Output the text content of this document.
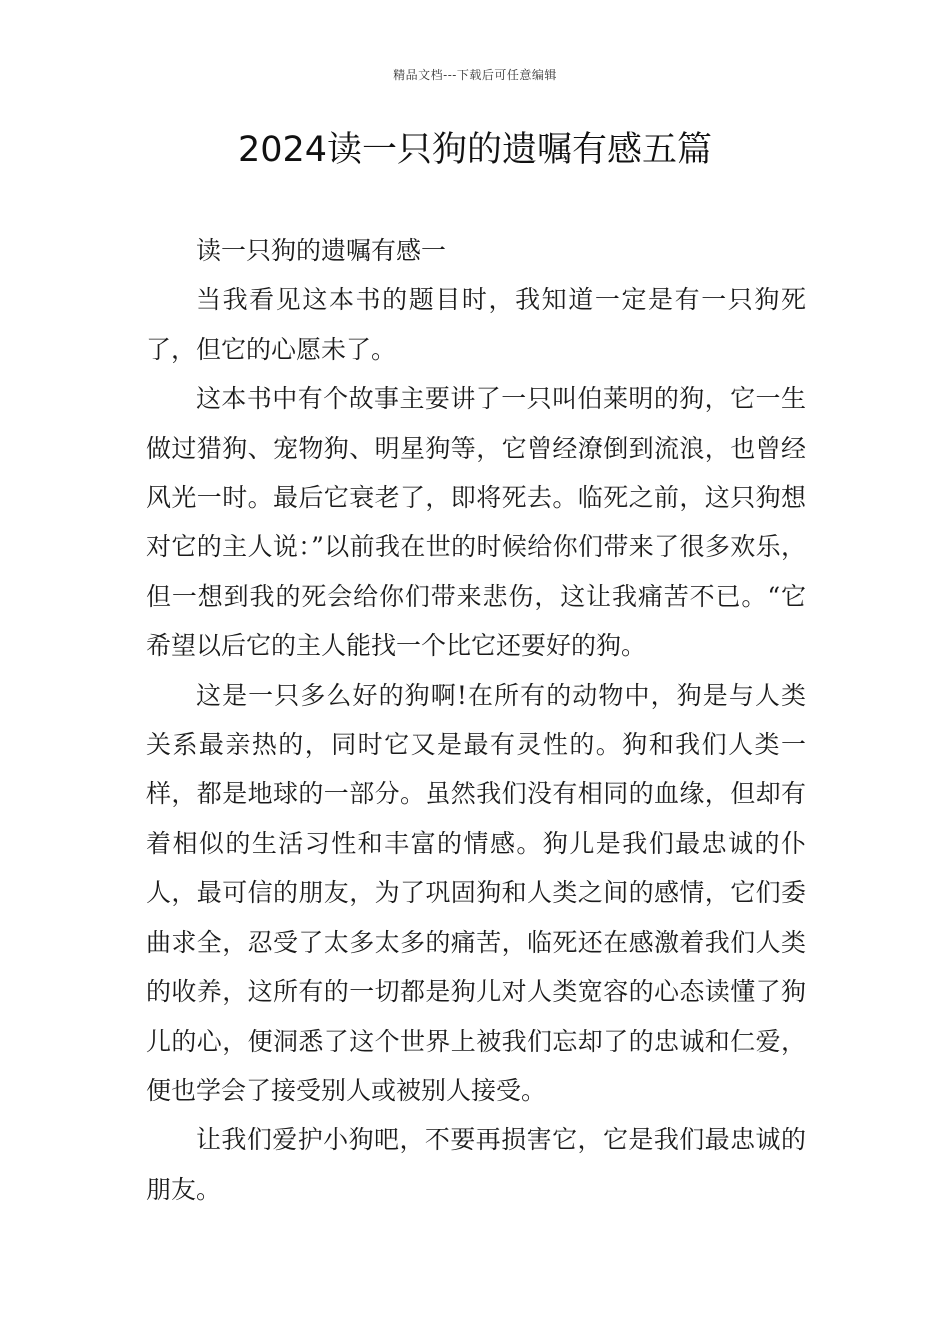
精品文档---下载后可任意编辑
2024读一只狗的遗嘱有感五篇

读一只狗的遗嘱有感一

当我看见这本书的题目时，我知道一定是有一只狗死了，但它的心愿未了。

这本书中有个故事主要讲了一只叫伯莱明的狗，它一生做过猎狗、宠物狗、明星狗等，它曾经潦倒到流浪，也曾经风光一时。最后它衰老了，即将死去。临死之前，这只狗想对它的主人说：”以前我在世的时候给你们带来了很多欢乐，但一想到我的死会给你们带来悲伤，这让我痛苦不已。“它希望以后它的主人能找一个比它还要好的狗。

这是一只多么好的狗啊!在所有的动物中，狗是与人类关系最亲热的，同时它又是最有灵性的。狗和我们人类一样，都是地球的一部分。虽然我们没有相同的血缘，但却有着相似的生活习性和丰富的情感。狗儿是我们最忠诚的仆人，最可信的朋友，为了巩固狗和人类之间的感情，它们委曲求全，忍受了太多太多的痛苦，临死还在感激着我们人类的收养，这所有的一切都是狗儿对人类宽容的心态读懂了狗儿的心，便洞悉了这个世界上被我们忘却了的忠诚和仁爱，便也学会了接受别人或被别人接受。

让我们爱护小狗吧，不要再损害它，它是我们最忠诚的朋友。
